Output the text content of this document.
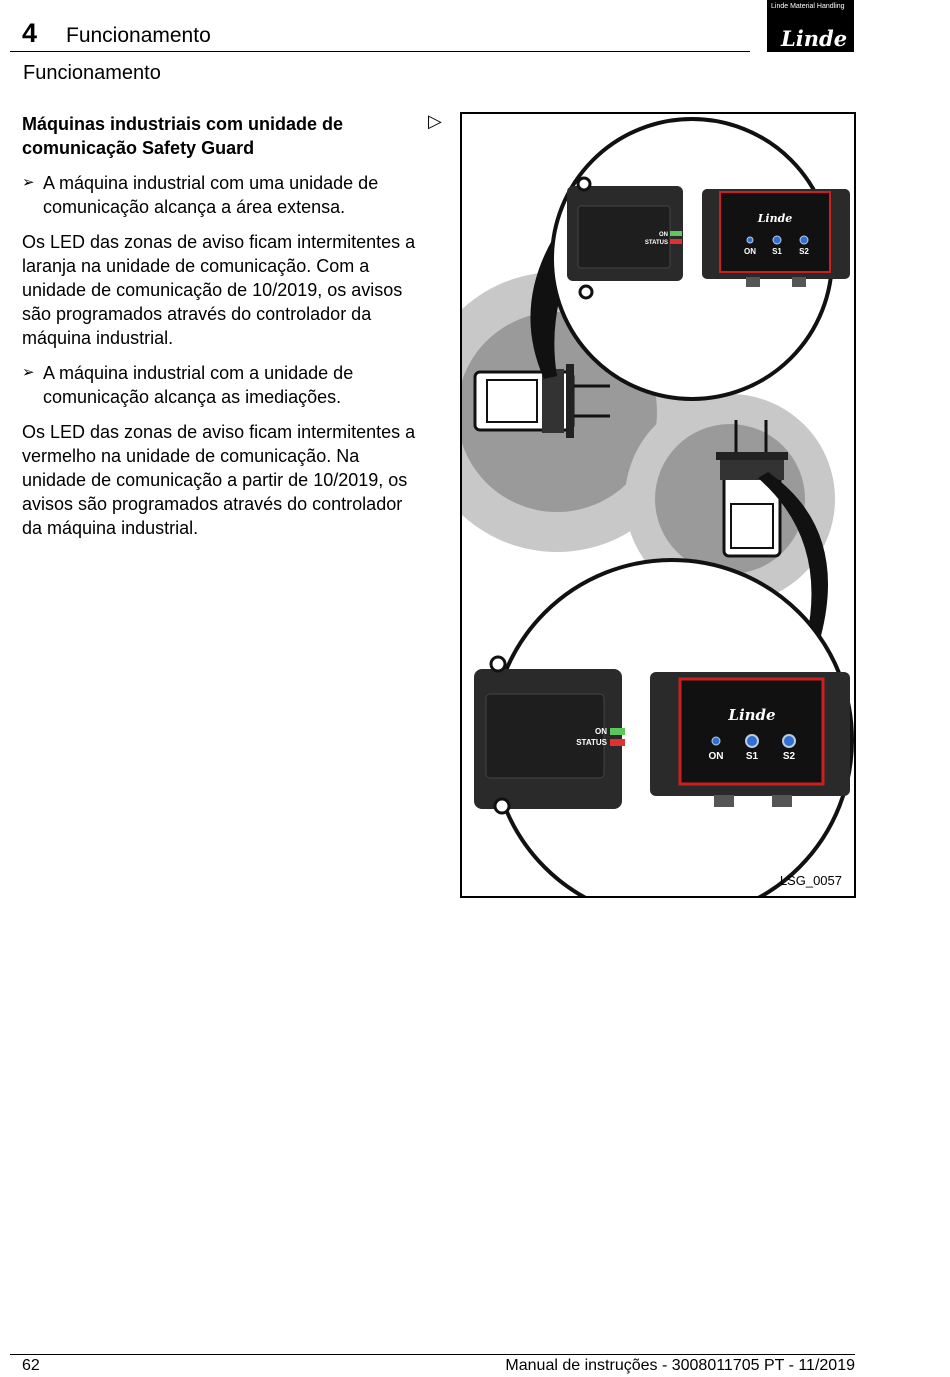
4 Funcionamento
Linde Material Handling
Linde
Funcionamento
Máquinas industriais com unidade de comunicação Safety Guard
➢ A máquina industrial com uma unidade de comunicação alcança a área extensa.
Os LED das zonas de aviso ficam intermitentes a laranja na unidade de comunicação. Com a unidade de comunicação de 10/2019, os avisos são programados através do controlador da máquina industrial.
➢ A máquina industrial com a unidade de comunicação alcança as imediações.
Os LED das zonas de aviso ficam intermitentes a vermelho na unidade de comunicação. Na unidade de comunicação a partir de 10/2019, os avisos são programados através do controlador da máquina industrial.
▷
ON
STATUS
Linde
ON S1 S2
ON
STATUS
Linde
ON S1 S2
LSG_0057
62	Manual de instruções - 3008011705 PT - 11/2019
